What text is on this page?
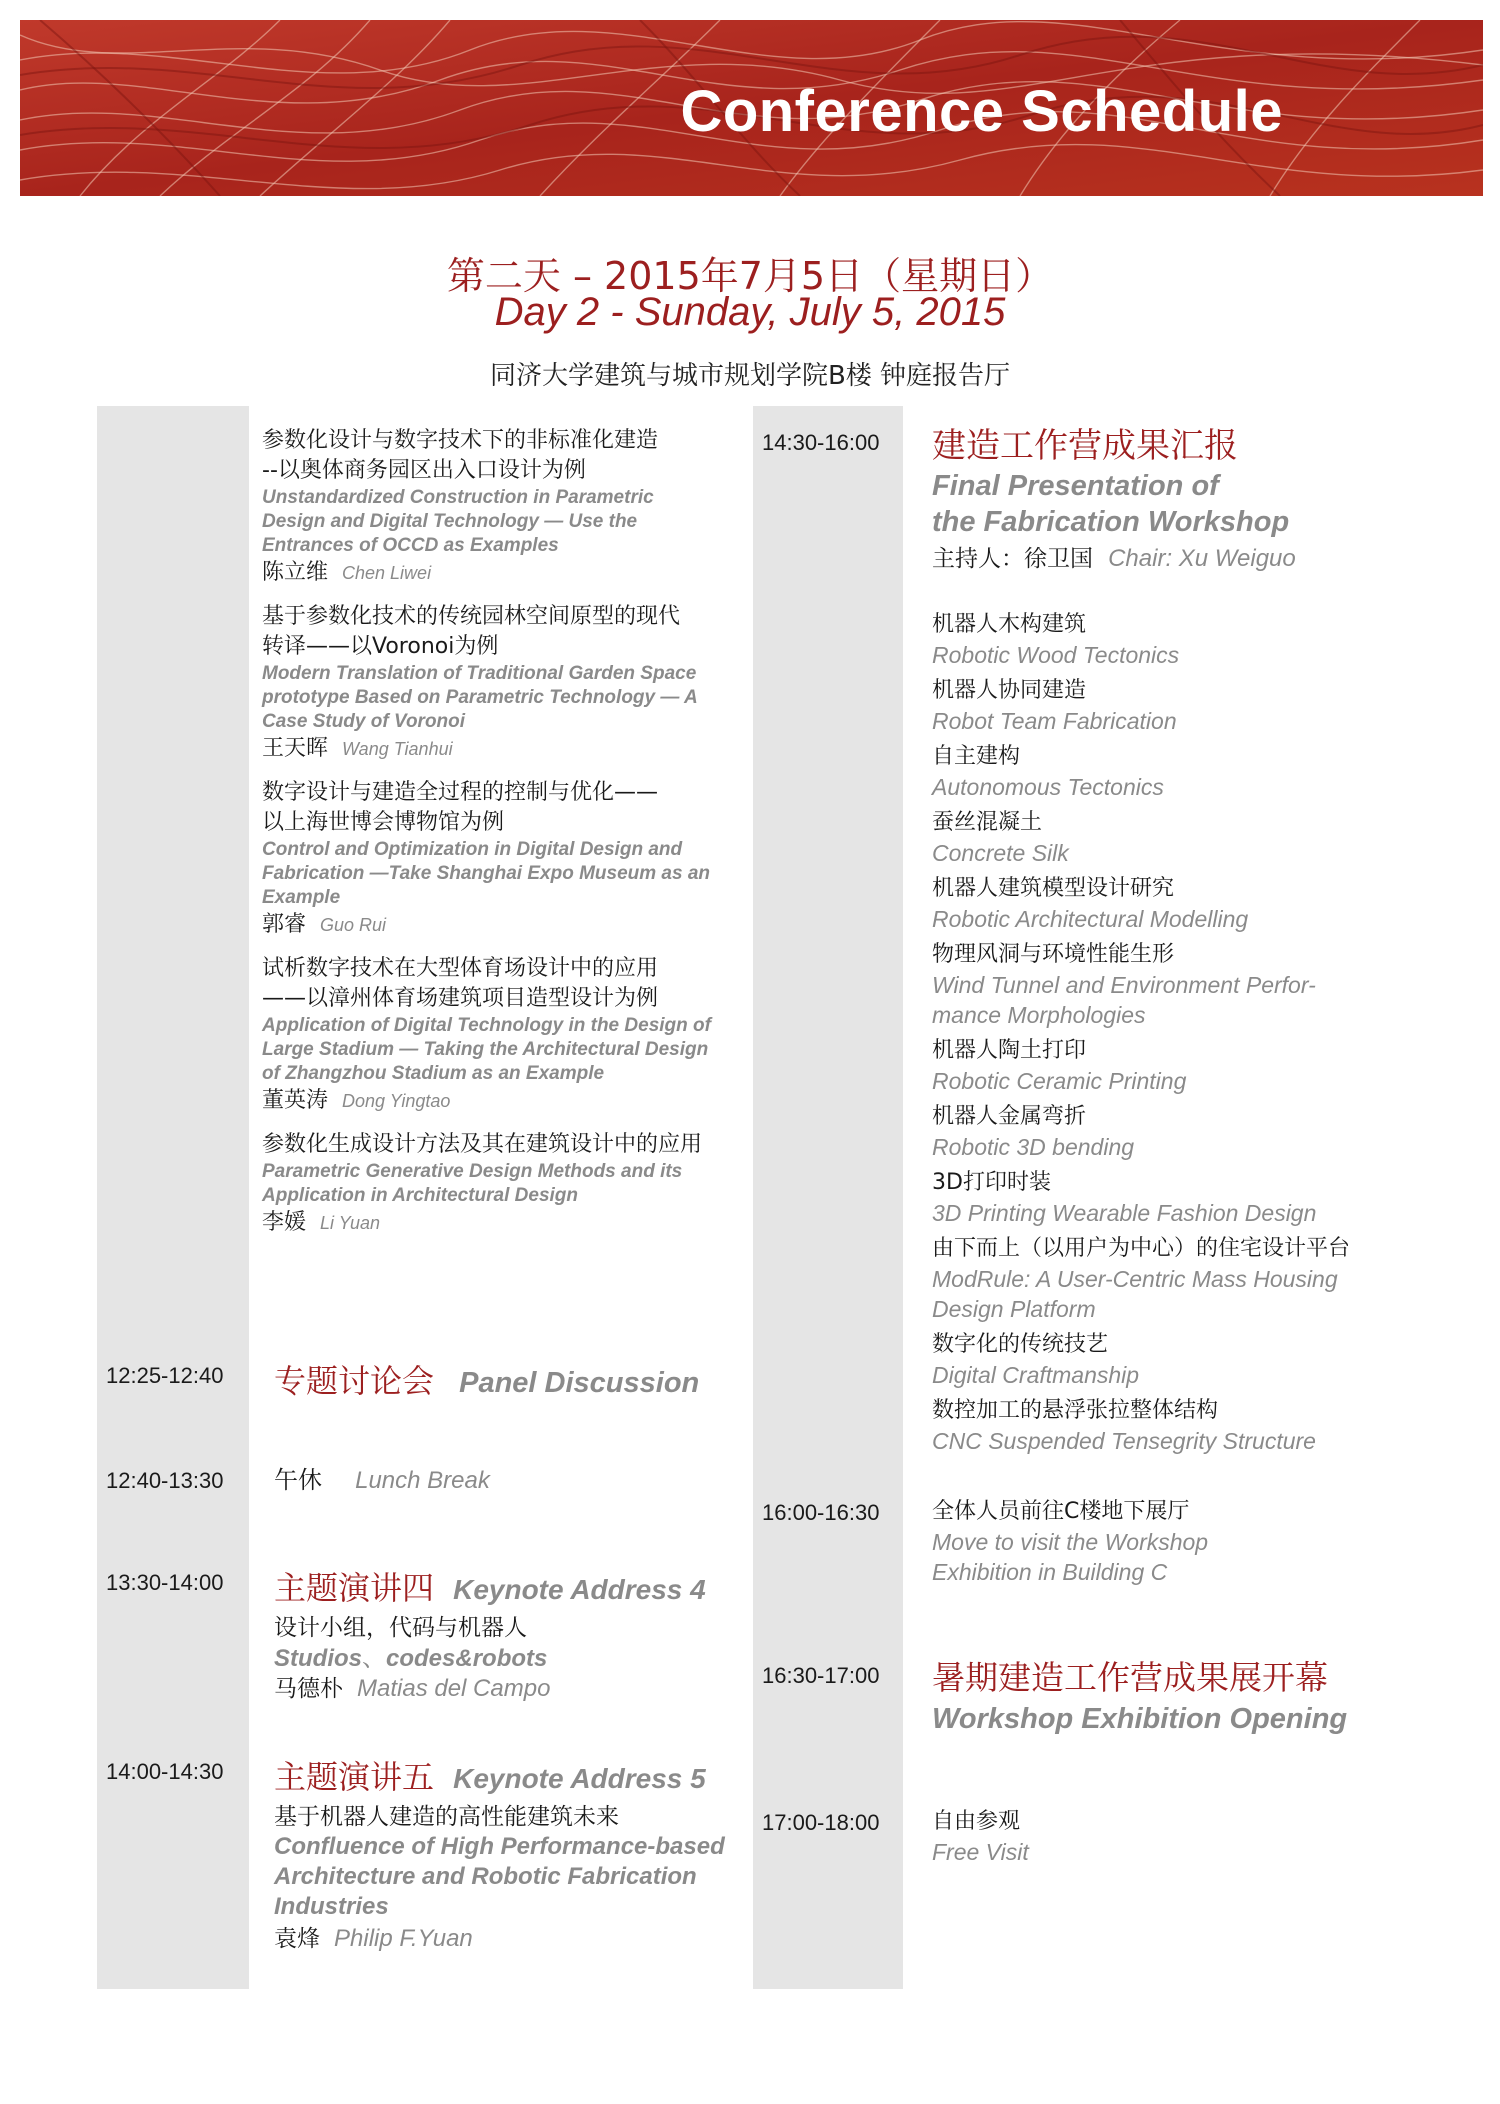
Conference Schedule
第二天 – 2015年7月5日（星期日）
Day 2 - Sunday, July 5, 2015
同济大学建筑与城市规划学院B楼 钟庭报告厅
参数化设计与数字技术下的非标准化建造
--以奥体商务园区出入口设计为例
Unstandardized Construction in Parametric
Design and Digital Technology — Use the
Entrances of OCCD as Examples
陈立维 Chen Liwei
基于参数化技术的传统园林空间原型的现代
转译——以Voronoi为例
Modern Translation of Traditional Garden Space
prototype Based on Parametric Technology — A
Case Study of Voronoi
王天晖 Wang Tianhui
数字设计与建造全过程的控制与优化——
以上海世博会博物馆为例
Control and Optimization in Digital Design and
Fabrication —Take Shanghai Expo Museum as an
Example
郭睿 Guo Rui
试析数字技术在大型体育场设计中的应用
——以漳州体育场建筑项目造型设计为例
Application of Digital Technology in the Design of
Large Stadium — Taking the Architectural Design
of Zhangzhou Stadium as an Example
董英涛 Dong Yingtao
参数化生成设计方法及其在建筑设计中的应用
Parametric Generative Design Methods and its
Application in Architectural Design
李媛 Li Yuan
12:25-12:40 专题讨论会 Panel Discussion
12:40-13:30 午休 Lunch Break
13:30-14:00 主题演讲四 Keynote Address 4
设计小组，代码与机器人
Studios、codes&robots
马德朴 Matias del Campo
14:00-14:30 主题演讲五 Keynote Address 5
基于机器人建造的高性能建筑未来
Confluence of High Performance-based
Architecture and Robotic Fabrication
Industries
袁烽 Philip F.Yuan
14:30-16:00 建造工作营成果汇报
Final Presentation of
the Fabrication Workshop
主持人：徐卫国 Chair: Xu Weiguo
机器人木构建筑
Robotic Wood Tectonics
机器人协同建造
Robot Team Fabrication
自主建构
Autonomous Tectonics
蚕丝混凝土
Concrete Silk
机器人建筑模型设计研究
Robotic Architectural Modelling
物理风洞与环境性能生形
Wind Tunnel and Environment Perfor-
mance Morphologies
机器人陶土打印
Robotic Ceramic Printing
机器人金属弯折
Robotic 3D bending
3D打印时装
3D Printing Wearable Fashion Design
由下而上（以用户为中心）的住宅设计平台
ModRule: A User-Centric Mass Housing
Design Platform
数字化的传统技艺
Digital Craftmanship
数控加工的悬浮张拉整体结构
CNC Suspended Tensegrity Structure
16:00-16:30 全体人员前往C楼地下展厅
Move to visit the Workshop
Exhibition in Building C
16:30-17:00 暑期建造工作营成果展开幕
Workshop Exhibition Opening
17:00-18:00 自由参观
Free Visit
